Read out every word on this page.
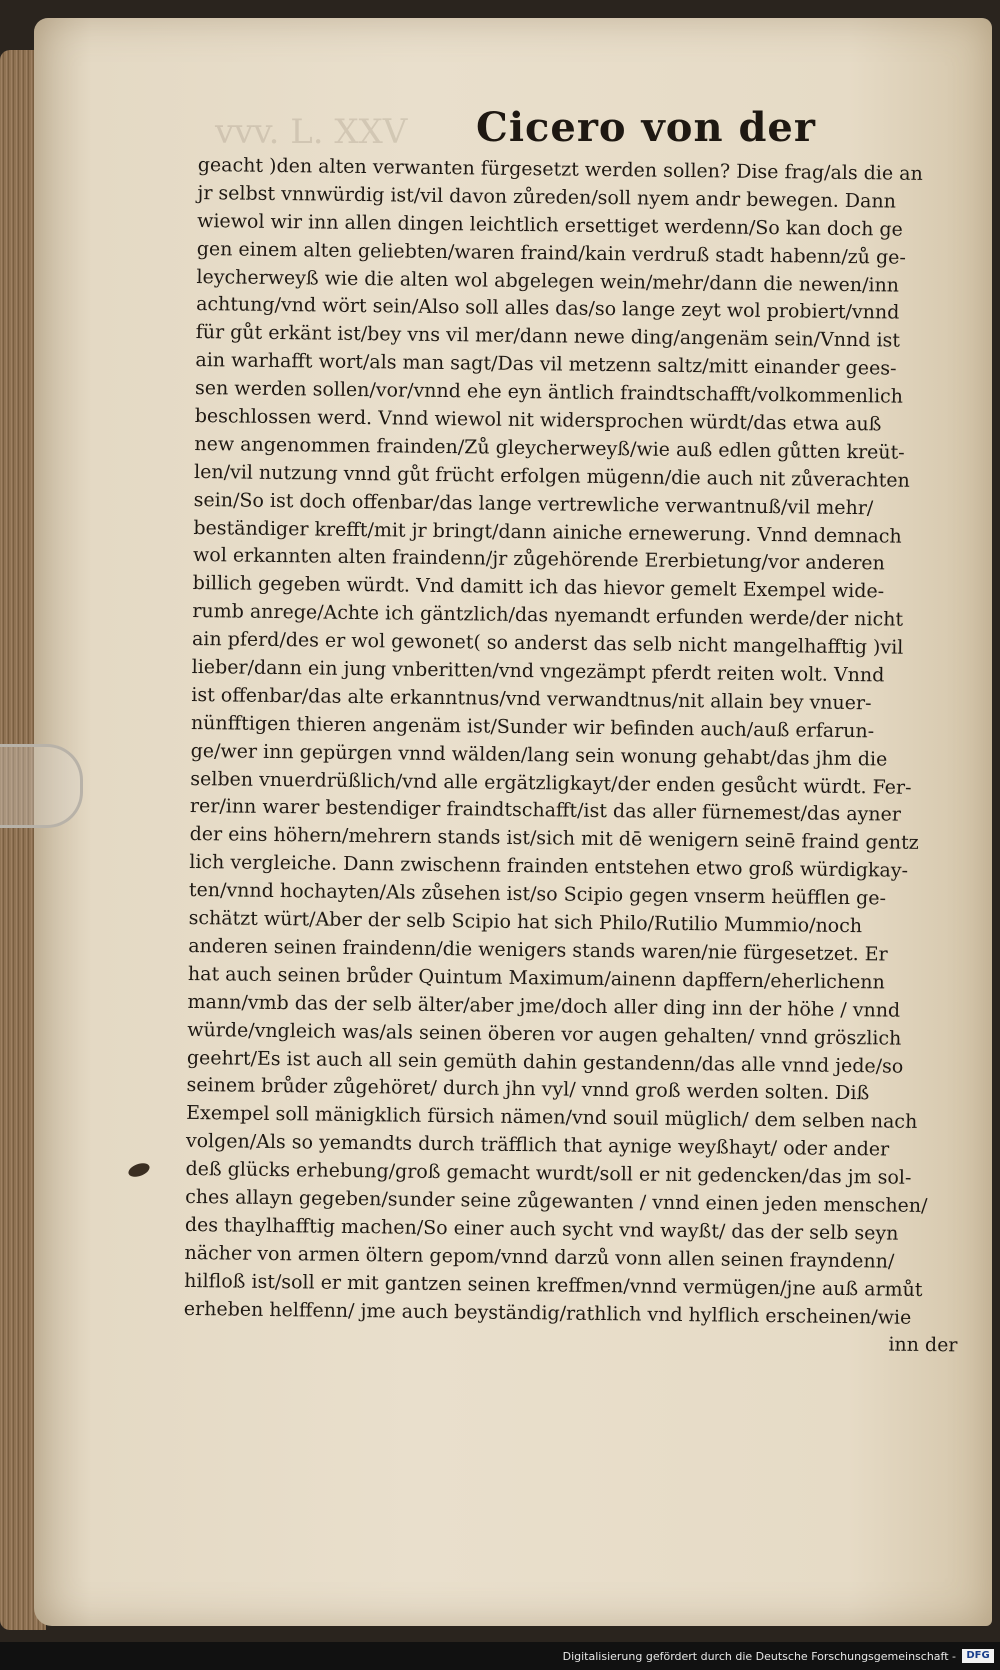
vvv. L. XXV	Cicero von der
geacht )den alten verwanten fürgesetzt werden sollen? Dise frag/als die an
jr selbst vnnwürdig ist/vil davon zůreden/soll nyem andr bewegen. Dann
wiewol wir inn allen dingen leichtlich ersettiget werdenn/So kan doch ge
gen einem alten geliebten/waren fraind/kain verdruß stadt habenn/zů ge-
leycherweyß wie die alten wol abgelegen wein/mehr/dann die newen/inn
achtung/vnd wört sein/Also soll alles das/so lange zeyt wol probiert/vnnd
für gůt erkänt ist/bey vns vil mer/dann newe ding/angenäm sein/Vnnd ist
ain warhafft wort/als man sagt/Das vil metzenn saltz/mitt einander gees-
sen werden sollen/vor/vnnd ehe eyn äntlich fraindtschafft/volkommenlich
beschlossen werd. Vnnd wiewol nit widersprochen würdt/das etwa auß
new angenommen frainden/Zů gleycherweyß/wie auß edlen gůtten kreüt-
len/vil nutzung vnnd gůt frücht erfolgen mügenn/die auch nit zůverachten
sein/So ist doch offenbar/das lange vertrewliche verwantnuß/vil mehr/
beständiger krefft/mit jr bringt/dann ainiche ernewerung. Vnnd demnach
wol erkannten alten fraindenn/jr zůgehörende Ererbietung/vor anderen
billich gegeben würdt. Vnd damitt ich das hievor gemelt Exempel wide-
rumb anrege/Achte ich gäntzlich/das nyemandt erfunden werde/der nicht
ain pferd/des er wol gewonet( so anderst das selb nicht mangelhafftig )vil
lieber/dann ein jung vnberitten/vnd vngezämpt pferdt reiten wolt. Vnnd
ist offenbar/das alte erkanntnus/vnd verwandtnus/nit allain bey vnuer-
nünfftigen thieren angenäm ist/Sunder wir befinden auch/auß erfarun-
ge/wer inn gepürgen vnnd wälden/lang sein wonung gehabt/das jhm die
selben vnuerdrüßlich/vnd alle ergätzligkayt/der enden gesůcht würdt. Fer-
rer/inn warer bestendiger fraindtschafft/ist das aller fürnemest/das ayner
der eins höhern/mehrern stands ist/sich mit dē wenigern seinē fraind gentz
lich vergleiche. Dann zwischenn frainden entstehen etwo groß würdigkay-
ten/vnnd hochayten/Als zůsehen ist/so Scipio gegen vnserm heüfflen ge-
schätzt würt/Aber der selb Scipio hat sich Philo/Rutilio Mummio/noch
anderen seinen fraindenn/die wenigers stands waren/nie fürgesetzet. Er
hat auch seinen brůder Quintum Maximum/ainenn dapffern/eherlichenn
mann/vmb das der selb älter/aber jme/doch aller ding inn der höhe / vnnd
würde/vngleich was/als seinen öberen vor augen gehalten/ vnnd gröszlich
geehrt/Es ist auch all sein gemüth dahin gestandenn/das alle vnnd jede/so
seinem brůder zůgehöret/ durch jhn vyl/ vnnd groß werden solten. Diß
Exempel soll mänigklich fürsich nämen/vnd souil müglich/ dem selben nach
volgen/Als so yemandts durch träfflich that aynige weyßhayt/ oder ander
deß glücks erhebung/groß gemacht wurdt/soll er nit gedencken/das jm sol-
ches allayn gegeben/sunder seine zůgewanten / vnnd einen jeden menschen/
des thaylhafftig machen/So einer auch sycht vnd wayßt/ das der selb seyn
nächer von armen öltern gepom/vnnd darzů vonn allen seinen frayndenn/
hilfloß ist/soll er mit gantzen seinen kreffmen/vnnd vermügen/jne auß armůt
erheben helffenn/ jme auch beyständig/rathlich vnd hylflich erscheinen/wie
inn der
Digitalisierung gefördert durch die Deutsche Forschungsgemeinschaft -	DFG
